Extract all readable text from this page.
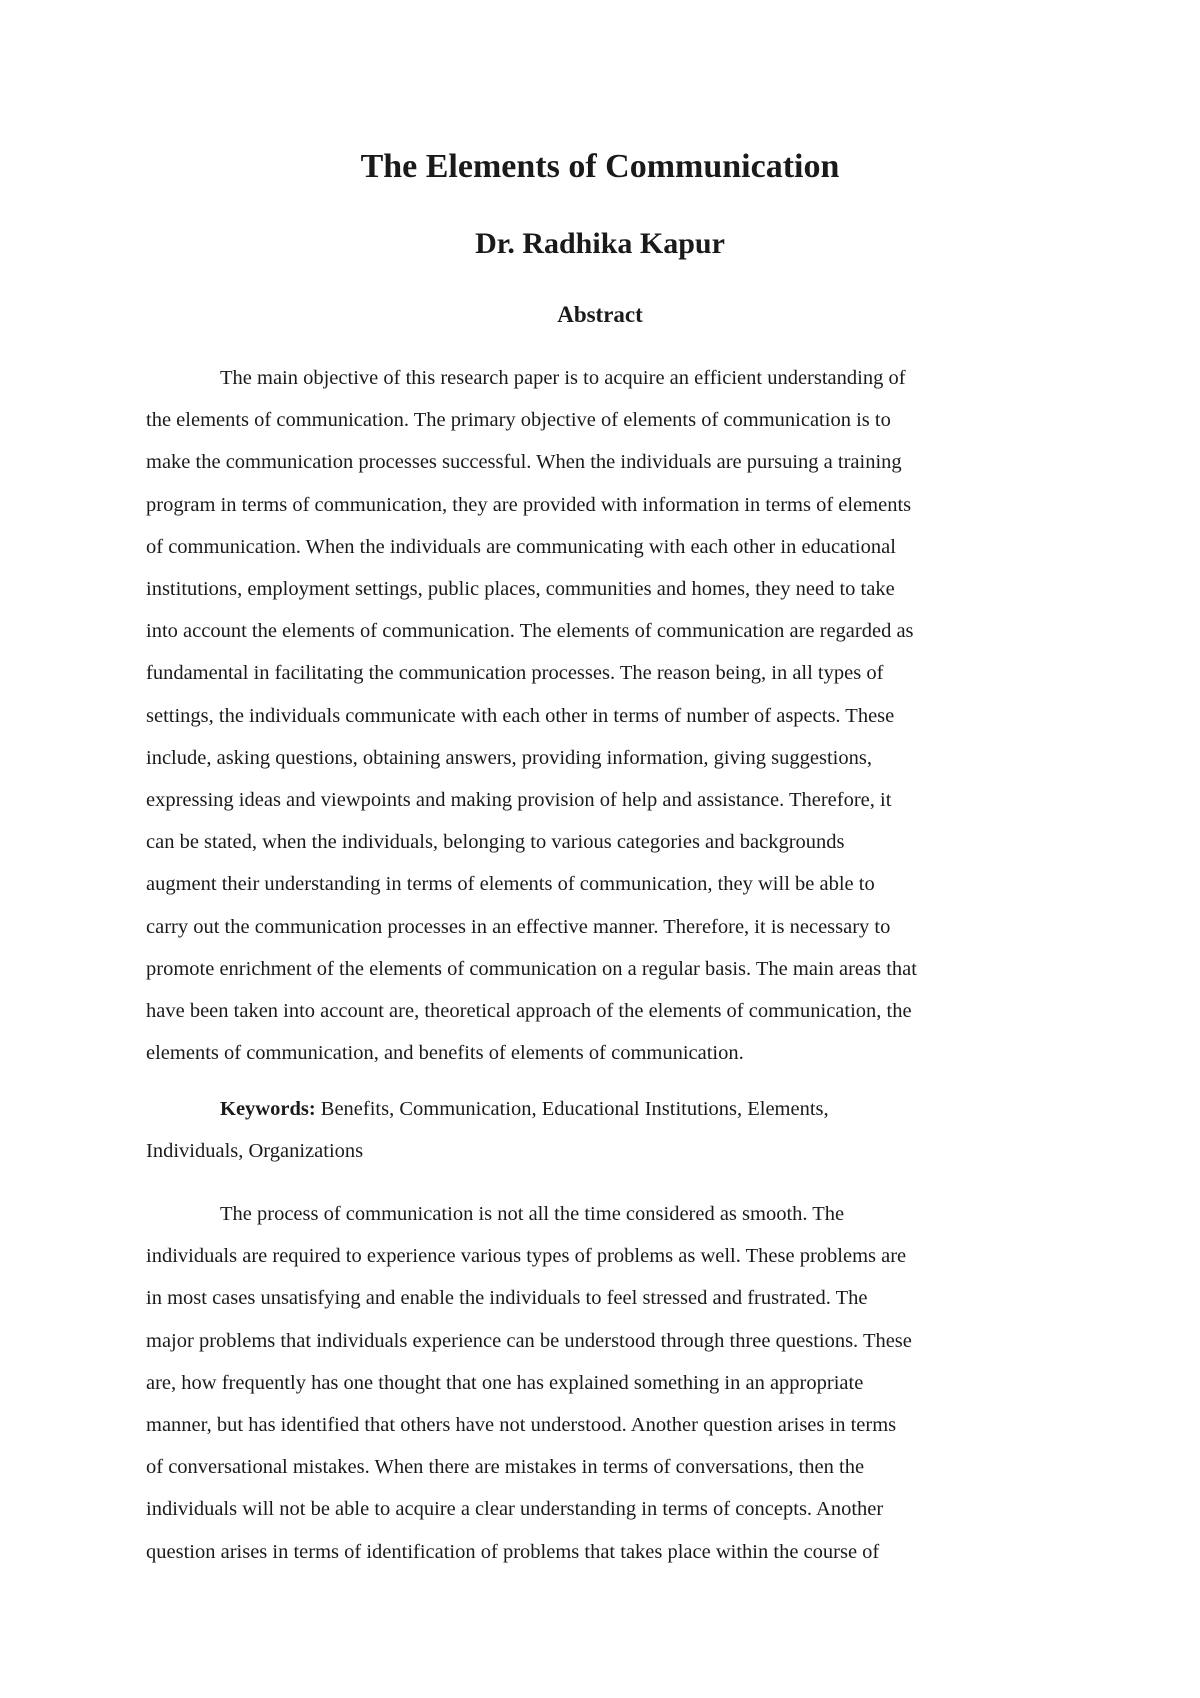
The Elements of Communication
Dr. Radhika Kapur
Abstract

The main objective of this research paper is to acquire an efficient understanding of
the elements of communication. The primary objective of elements of communication is to
make the communication processes successful. When the individuals are pursuing a training
program in terms of communication, they are provided with information in terms of elements
of communication. When the individuals are communicating with each other in educational
institutions, employment settings, public places, communities and homes, they need to take
into account the elements of communication. The elements of communication are regarded as
fundamental in facilitating the communication processes. The reason being, in all types of
settings, the individuals communicate with each other in terms of number of aspects. These
include, asking questions, obtaining answers, providing information, giving suggestions,
expressing ideas and viewpoints and making provision of help and assistance. Therefore, it
can be stated, when the individuals, belonging to various categories and backgrounds
augment their understanding in terms of elements of communication, they will be able to
carry out the communication processes in an effective manner. Therefore, it is necessary to
promote enrichment of the elements of communication on a regular basis. The main areas that
have been taken into account are, theoretical approach of the elements of communication, the
elements of communication, and benefits of elements of communication.

Keywords: Benefits, Communication, Educational Institutions, Elements,
Individuals, Organizations

The process of communication is not all the time considered as smooth. The
individuals are required to experience various types of problems as well. These problems are
in most cases unsatisfying and enable the individuals to feel stressed and frustrated. The
major problems that individuals experience can be understood through three questions. These
are, how frequently has one thought that one has explained something in an appropriate
manner, but has identified that others have not understood. Another question arises in terms
of conversational mistakes. When there are mistakes in terms of conversations, then the
individuals will not be able to acquire a clear understanding in terms of concepts. Another
question arises in terms of identification of problems that takes place within the course of
